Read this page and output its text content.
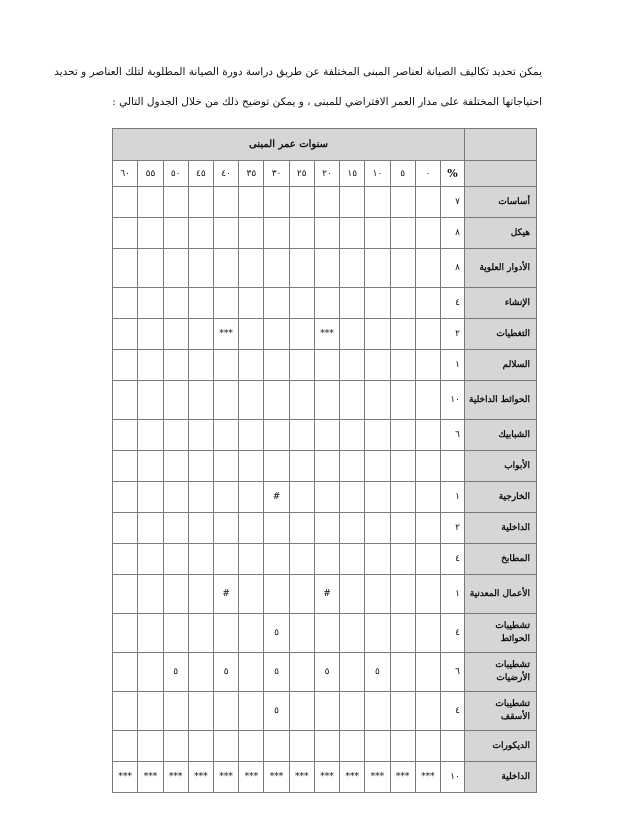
يمكن تحديد تكاليف الصيانة لعناصر المبنى المختلفة عن طريق دراسة دورة الصيانة المطلوبة لتلك العناصر و تحديد
احتياجاتها المختلفة على مدار العمر الافتراضي للمبنى ، و يمكن توضيح ذلك من خلال الجدول التالي :
	سنوات عمر المبنى													
	%	٠	٥	١٠	١٥	٢٠	٢٥	٣٠	٣٥	٤٠	٤٥	٥٠	٥٥	٦٠
أساسات	٧													
هيكل	٨													
الأدوار العلوية	٨													
الإنشاء	٤													
التغطيات	٢					***				***				
السلالم	١													
الحوائط الداخلية	١٠													
الشبابيك	٦													
الأبواب														
الخارجية	١							#						
الداخلية	٢													
المطابخ	٤													
الأعمال المعدنية	١					#				#				
تشطيبات الحوائط	٤							٥						
تشطيبات الأرضيات	٦			٥		٥		٥		٥		٥		
تشطيبات الأسقف	٤							٥						
الديكورات														
الداخلية	١٠	***	***	***	***	***	***	***	***	***	***	***	***	***
